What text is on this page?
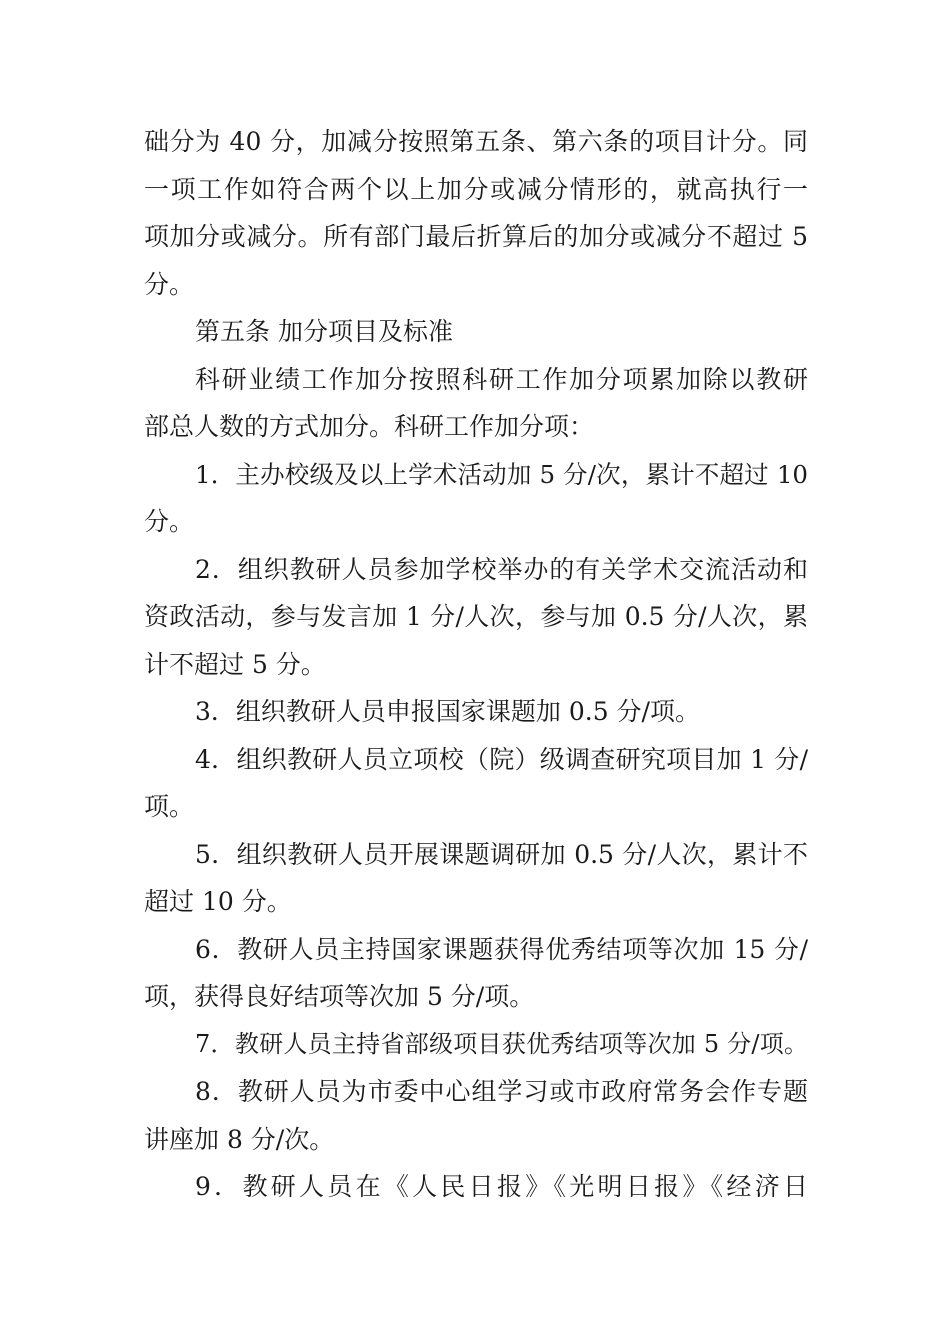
础分为 40 分，加减分按照第五条、第六条的项目计分。同
一项工作如符合两个以上加分或减分情形的，就高执行一
项加分或减分。所有部门最后折算后的加分或减分不超过 5
分。
第五条 加分项目及标准
科研业绩工作加分按照科研工作加分项累加除以教研
部总人数的方式加分。科研工作加分项：
1．主办校级及以上学术活动加 5 分/次，累计不超过 10
分。
2．组织教研人员参加学校举办的有关学术交流活动和
资政活动，参与发言加 1 分/人次，参与加 0.5 分/人次，累
计不超过 5 分。
3．组织教研人员申报国家课题加 0.5 分/项。
4．组织教研人员立项校（院）级调查研究项目加 1 分/
项。
5．组织教研人员开展课题调研加 0.5 分/人次，累计不
超过 10 分。
6．教研人员主持国家课题获得优秀结项等次加 15 分/
项，获得良好结项等次加 5 分/项。
7．教研人员主持省部级项目获优秀结项等次加 5 分/项。
8．教研人员为市委中心组学习或市政府常务会作专题
讲座加 8 分/次。
9．教研人员在《人民日报》《光明日报》《经济日
